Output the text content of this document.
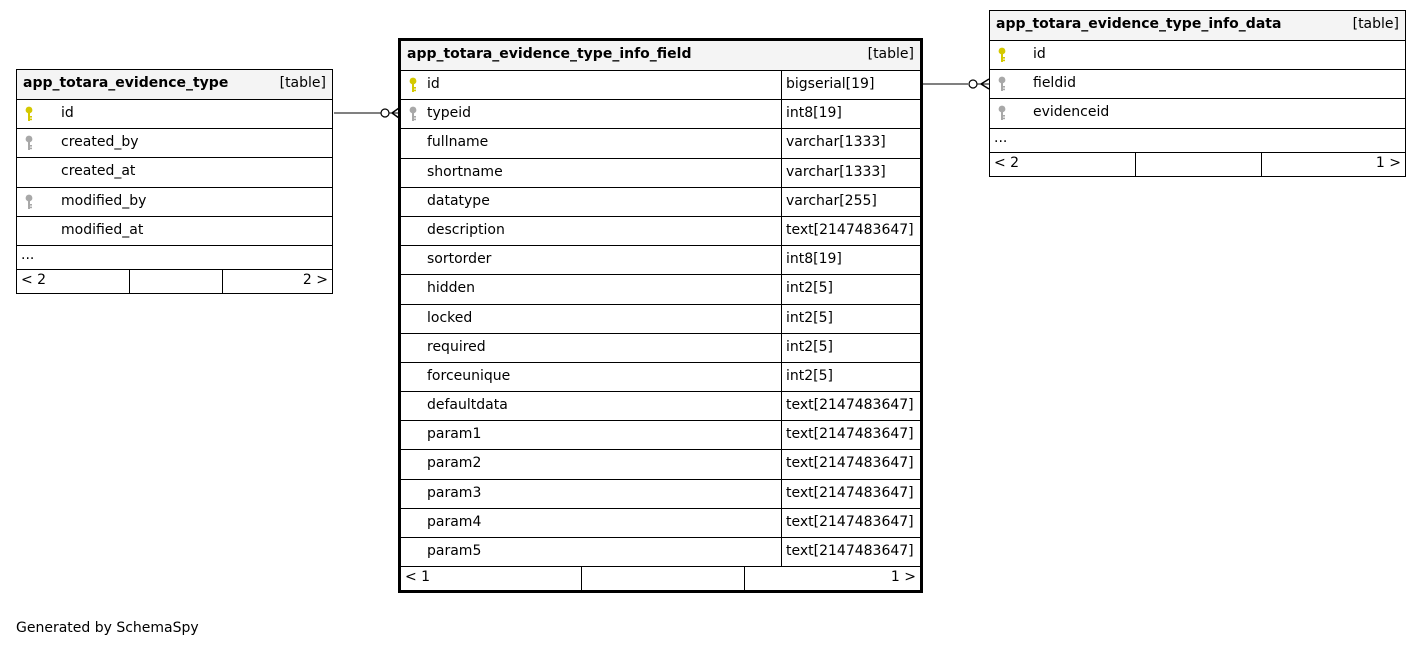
app_totara_evidence_type	[table]
id
created_by
created_at
modified_by
modified_at
...
< 2	2 >
app_totara_evidence_type_info_field	[table]
id	bigserial[19]
typeid	int8[19]
fullname	varchar[1333]
shortname	varchar[1333]
datatype	varchar[255]
description	text[2147483647]
sortorder	int8[19]
hidden	int2[5]
locked	int2[5]
required	int2[5]
forceunique	int2[5]
defaultdata	text[2147483647]
param1	text[2147483647]
param2	text[2147483647]
param3	text[2147483647]
param4	text[2147483647]
param5	text[2147483647]
< 1	1 >
app_totara_evidence_type_info_data	[table]
id
fieldid
evidenceid
...
< 2	1 >
Generated by SchemaSpy
